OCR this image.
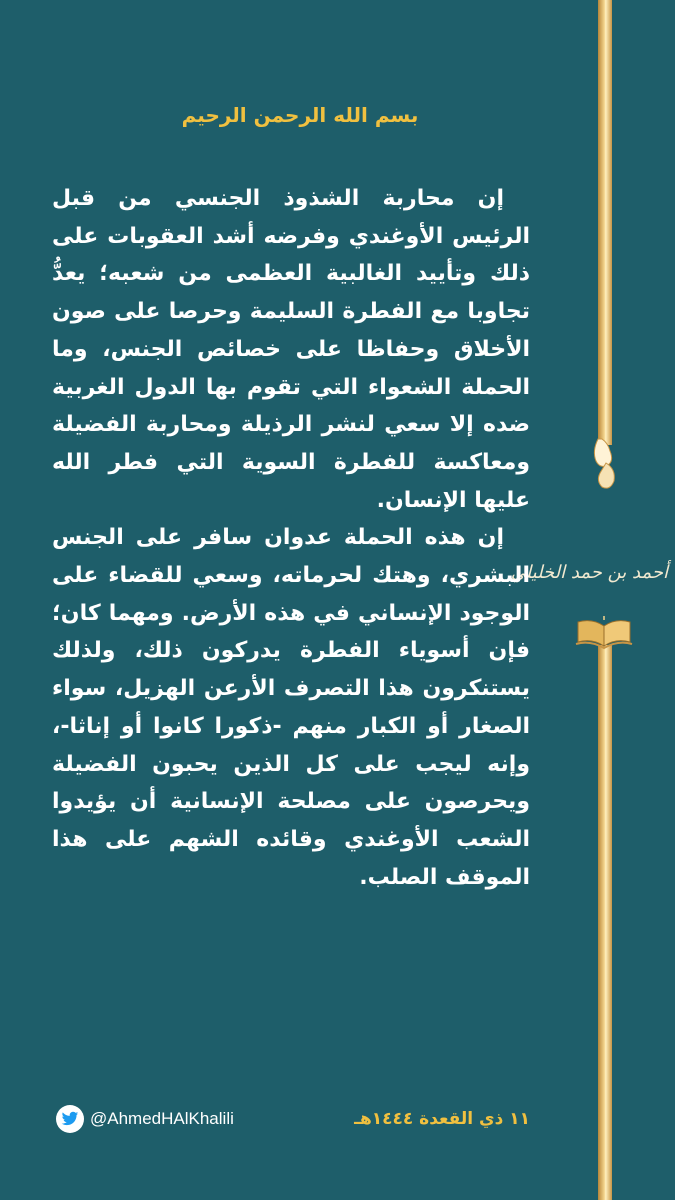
أحمد بن حمد الخليلي
بسم الله الرحمن الرحيم

إن محاربة الشذوذ الجنسي من قبل الرئيس الأوغندي وفرضه أشد العقوبات على ذلك وتأييد الغالبية العظمى من شعبه؛ يعدُّ تجاوبا مع الفطرة السليمة وحرصا على صون الأخلاق وحفاظا على خصائص الجنس، وما الحملة الشعواء التي تقوم بها الدول الغربية ضده إلا سعي لنشر الرذيلة ومحاربة الفضيلة ومعاكسة للفطرة السوية التي فطر الله عليها الإنسان.

إن هذه الحملة عدوان سافر على الجنس البشري، وهتك لحرماته، وسعي للقضاء على الوجود الإنساني في هذه الأرض. ومهما كان؛ فإن أسوياء الفطرة يدركون ذلك، ولذلك يستنكرون هذا التصرف الأرعن الهزيل، سواء الصغار أو الكبار منهم -ذكورا كانوا أو إناثا-، وإنه ليجب على كل الذين يحبون الفضيلة ويحرصون على مصلحة الإنسانية أن يؤيدوا الشعب الأوغندي وقائده الشهم على هذا الموقف الصلب.

@AhmedHAlKhalili	١١ ذي القعدة ١٤٤٤هـ
